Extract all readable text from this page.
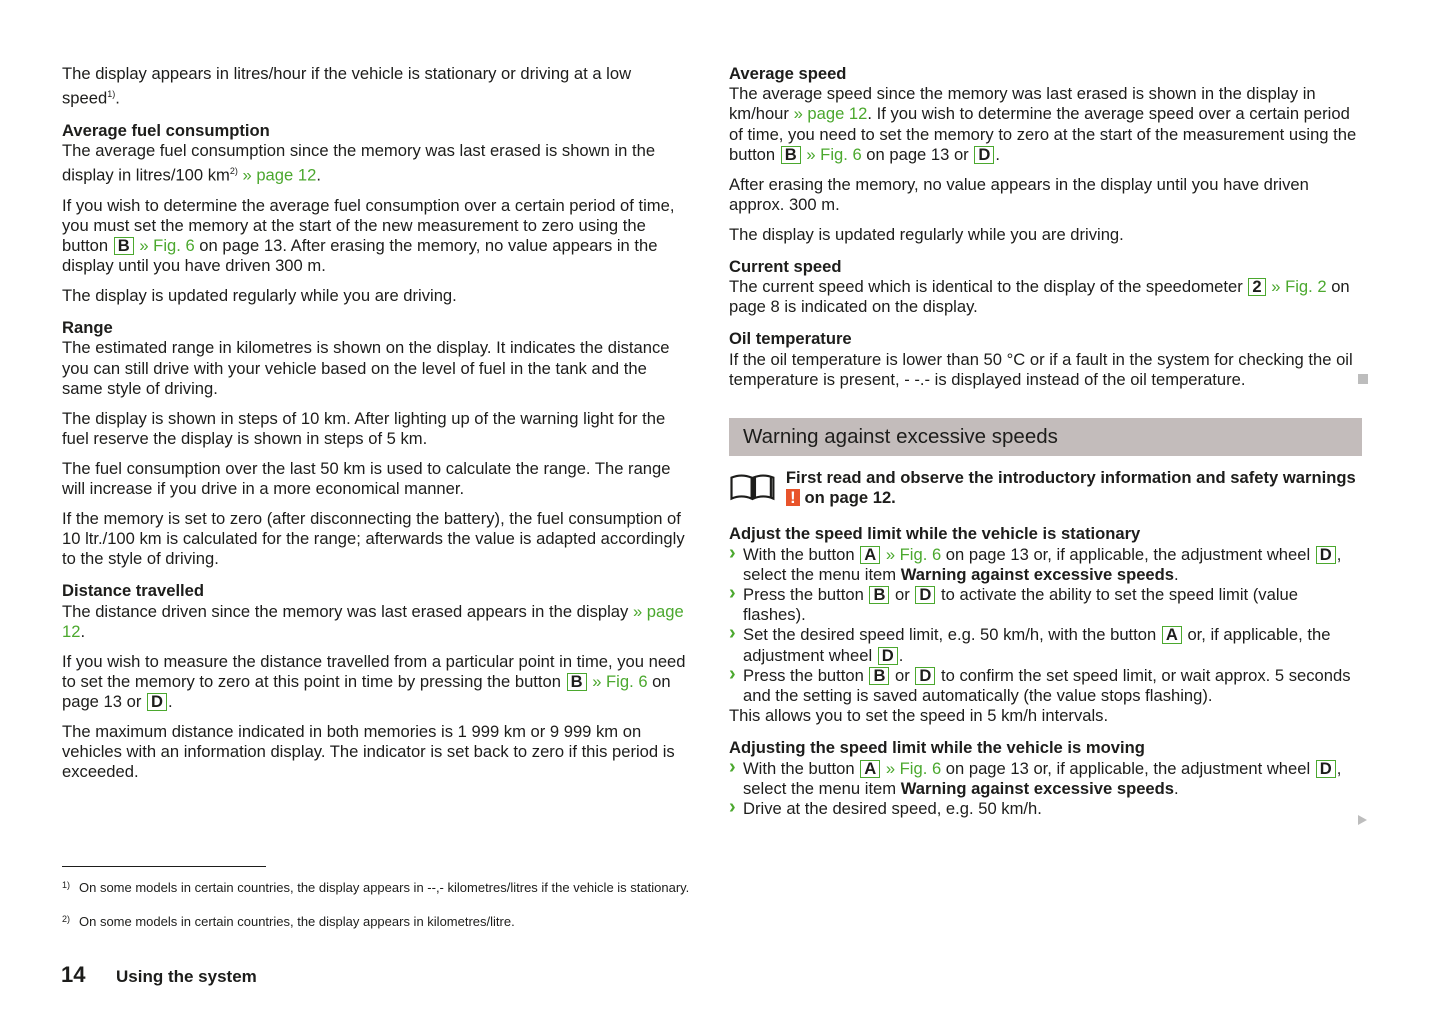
The display appears in litres/hour if the vehicle is stationary or driving at a low speed$^{1)}$.
Average fuel consumption
The average fuel consumption since the memory was last erased is shown in the display in litres/100 $km^{2)}$ » page 12.
If you wish to determine the average fuel consumption over a certain period of time, you must set the memory at the start of the new measurement to zero using the button B » Fig. 6 on page 13. After erasing the memory, no value appears in the display until you have driven 300 m.
The display is updated regularly while you are driving.
Range
The estimated range in kilometres is shown on the display. It indicates the distance you can still drive with your vehicle based on the level of fuel in the tank and the same style of driving.
The display is shown in steps of 10 km. After lighting up of the warning light for the fuel reserve the display is shown in steps of 5 km.
The fuel consumption over the last 50 km is used to calculate the range. The range will increase if you drive in a more economical manner.
If the memory is set to zero (after disconnecting the battery), the fuel consumption of 10 ltr./100 km is calculated for the range; afterwards the value is adapted accordingly to the style of driving.
Distance travelled
The distance driven since the memory was last erased appears in the display » page 12.
If you wish to measure the distance travelled from a particular point in time, you need to set the memory to zero at this point in time by pressing the button B » Fig. 6 on page 13 or D .
The maximum distance indicated in both memories is 1 999 km or 9 999 km on vehicles with an information display. The indicator is set back to zero if this period is exceeded.
Average speed
The average speed since the memory was last erased is shown in the display in km/hour » page 12. If you wish to determine the average speed over a certain period of time, you need to set the memory to zero at the start of the measurement using the button B » Fig. 6 on page 13 or D .
After erasing the memory, no value appears in the display until you have driven approx. 300 m.
The display is updated regularly while you are driving.
Current speed
The current speed which is identical to the display of the speedometer 2 » Fig. 2 on page 8 is indicated on the display.
Oil temperature
If the oil temperature is lower than 50 °C or if a fault in the system for checking the oil temperature is present, - -.- is displayed instead of the oil temperature.
Warning against excessive speeds
First read and observe the introductory information and safety warnings ! on page 12.
Adjust the speed limit while the vehicle is stationary
› With the button A » Fig. 6 on page 13 or, if applicable, the adjustment wheel D , select the menu item Warning against excessive speeds.
› Press the button B or D to activate the ability to set the speed limit (value flashes).
› Set the desired speed limit, e.g. 50 km/h, with the button A or, if applicable, the adjustment wheel D .
› Press the button B or D to confirm the set speed limit, or wait approx. 5 seconds and the setting is saved automatically (the value stops flashing).
This allows you to set the speed in 5 km/h intervals.
Adjusting the speed limit while the vehicle is moving
› With the button A » Fig. 6 on page 13 or, if applicable, the adjustment wheel D , select the menu item Warning against excessive speeds.
› Drive at the desired speed, e.g. 50 km/h.
1) On some models in certain countries, the display appears in --,- kilometres/litres if the vehicle is stationary.
2) On some models in certain countries, the display appears in kilometres/litre.
14 Using the system
